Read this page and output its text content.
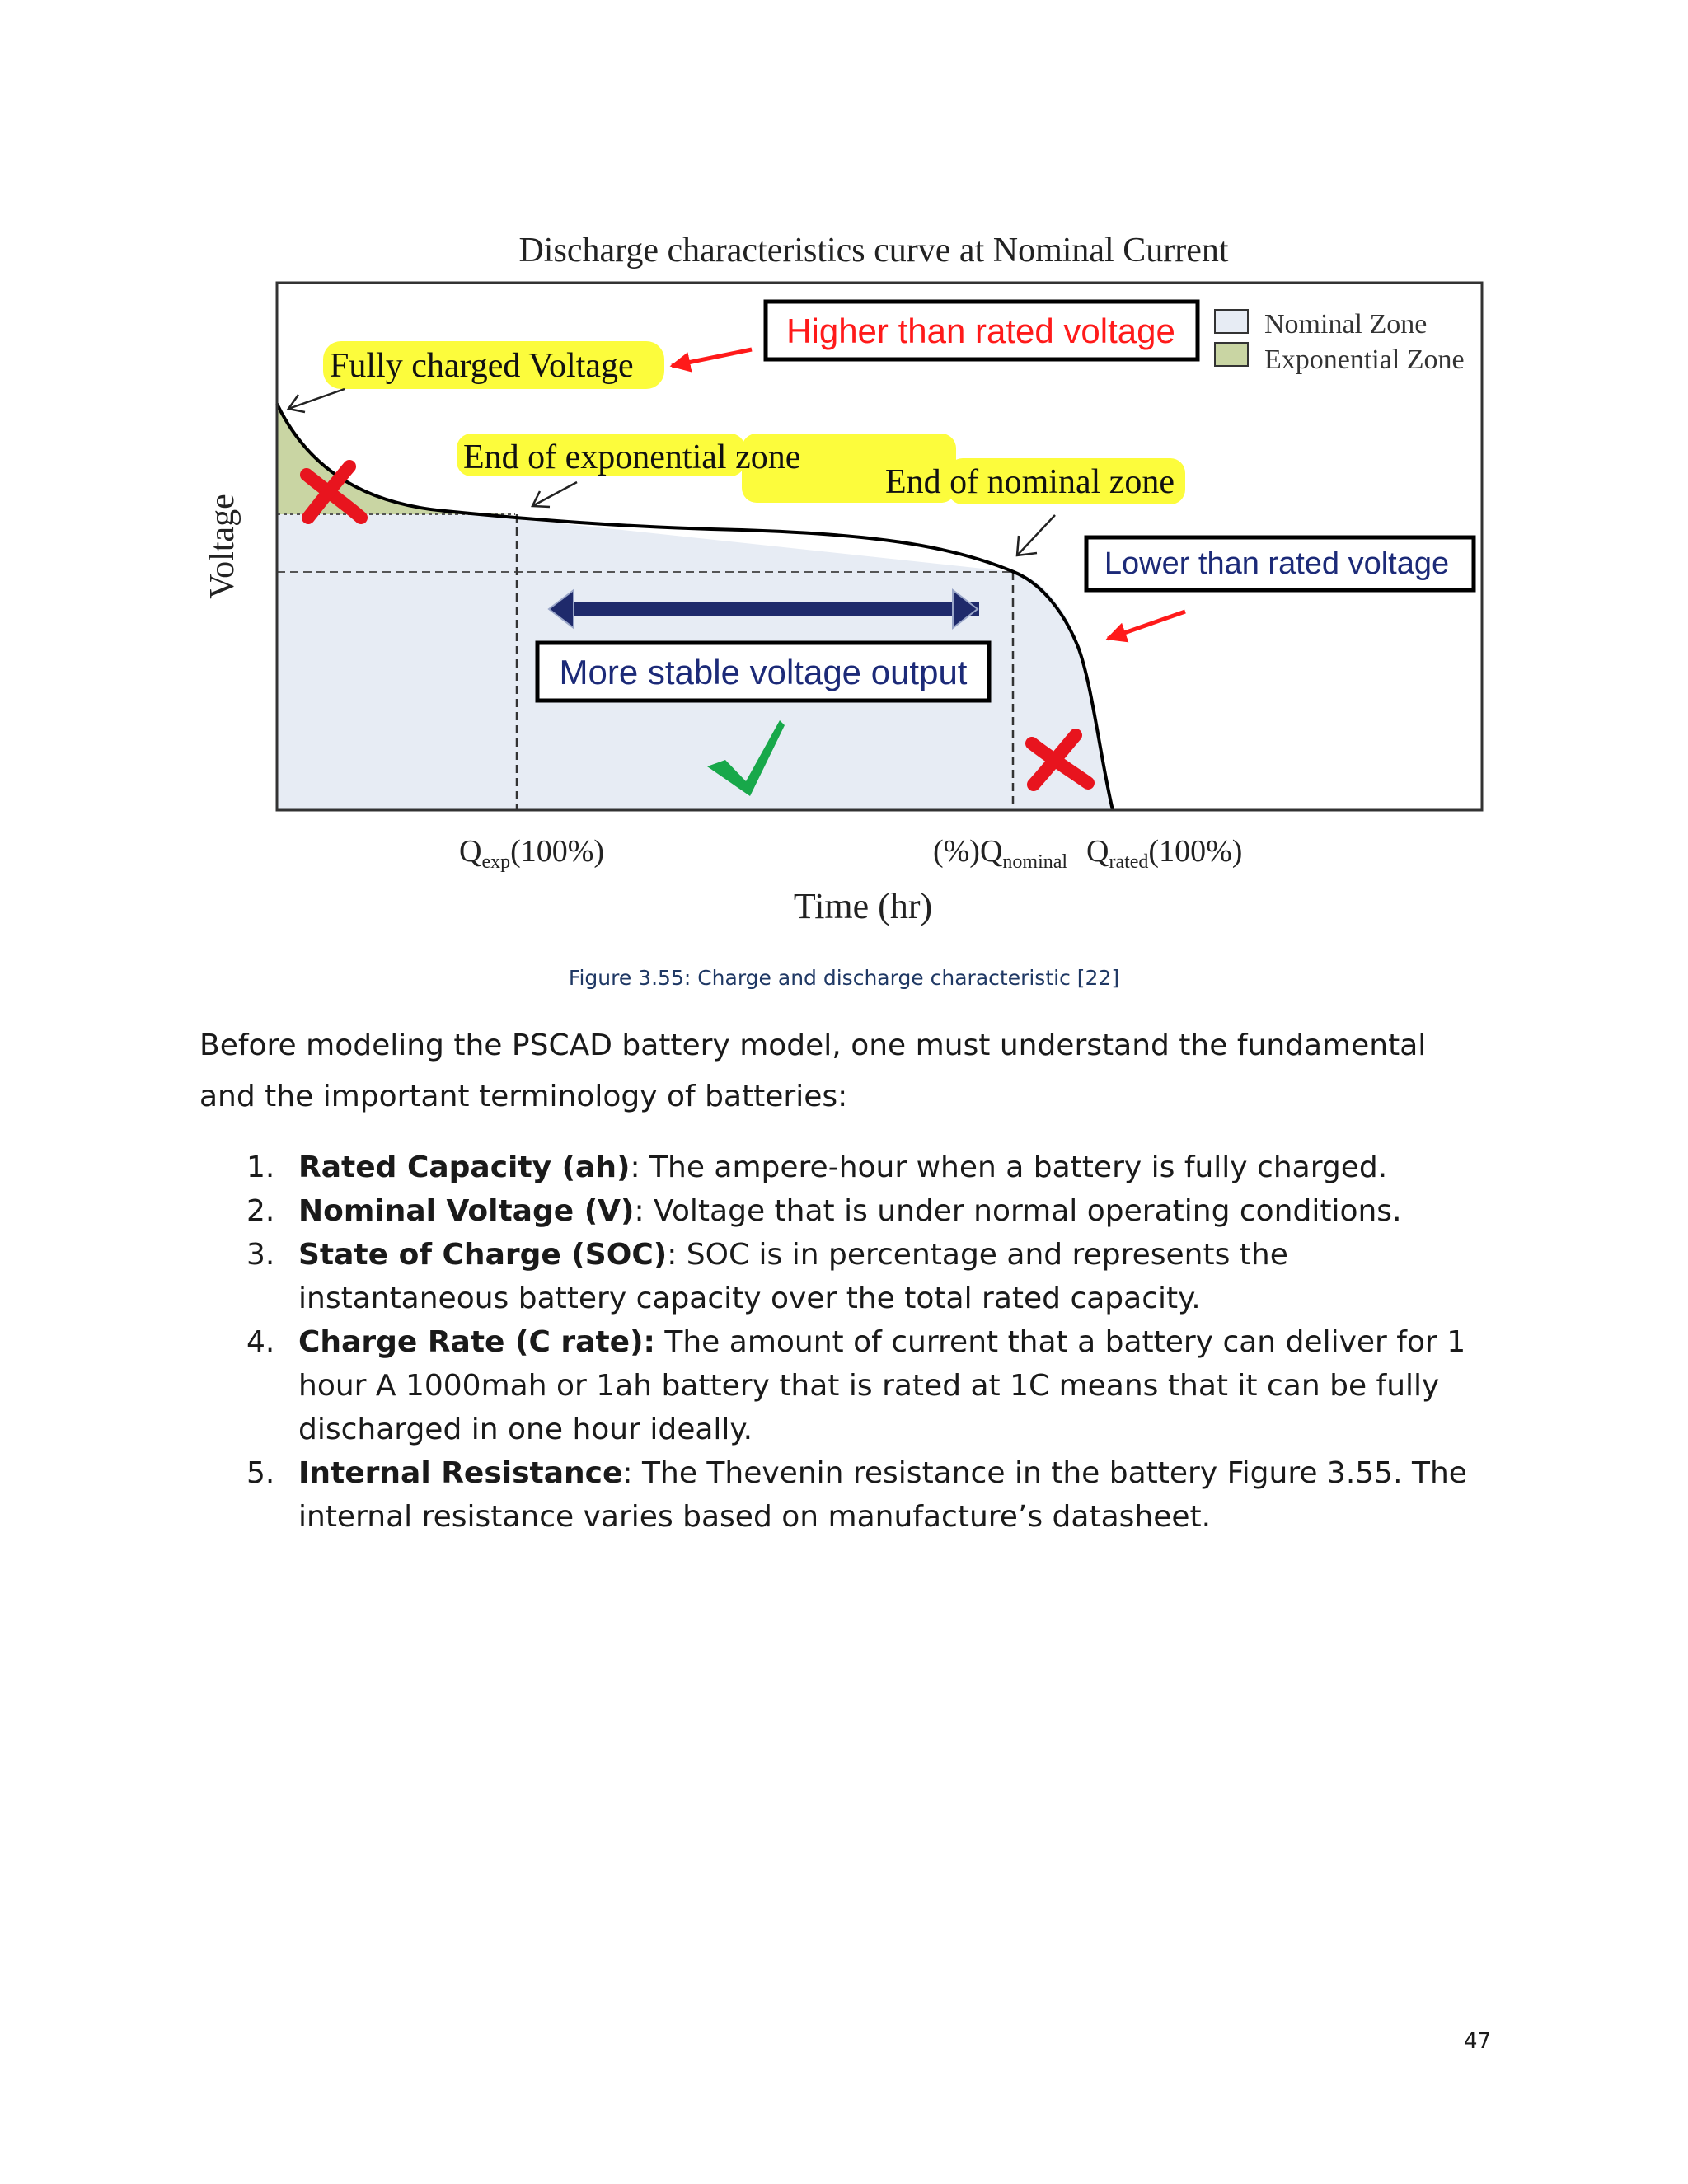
Discharge characteristics curve at Nominal Current
Voltage
$Q_{exp}(100\%)$	$(\%)Q_{nominal}$ $Q_{rated}(100\%)$
Time (hr)
Nominal Zone
Exponential Zone
Fully charged Voltage
End of exponential zone
End of nominal zone
Higher than rated voltage
Lower than rated voltage
More stable voltage output
Figure 3.55: Charge and discharge characteristic [22]

Before modeling the PSCAD battery model, one must understand the fundamental and the important terminology of batteries:

1. Rated Capacity (ah): The ampere-hour when a battery is fully charged.
2. Nominal Voltage (V): Voltage that is under normal operating conditions.
3. State of Charge (SOC): SOC is in percentage and represents the instantaneous battery capacity over the total rated capacity.
4. Charge Rate (C rate): The amount of current that a battery can deliver for 1 hour A 1000mah or 1ah battery that is rated at 1C means that it can be fully discharged in one hour ideally.
5. Internal Resistance: The Thevenin resistance in the battery Figure 3.55. The internal resistance varies based on manufacture’s datasheet.
47
